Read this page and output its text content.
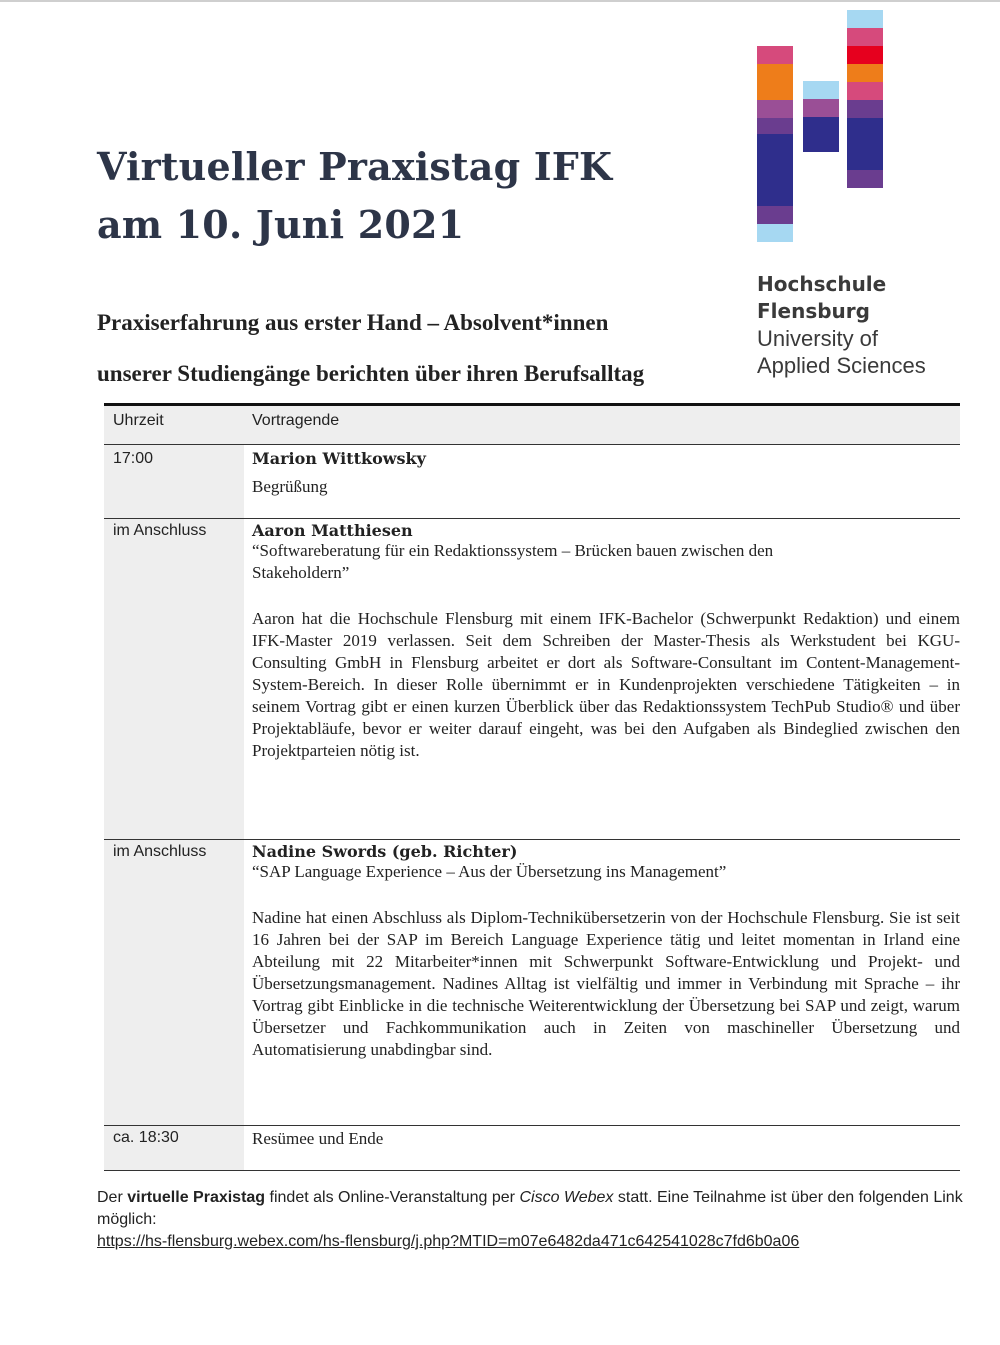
Virtueller Praxistag IFK
am 10. Juni 2021
Praxiserfahrung aus erster Hand – Absolvent*innen
unserer Studiengänge berichten über ihren Berufsalltag
Hochschule
Flensburg
University of
Applied Sciences
Uhrzeit	Vortragende
17:00	Marion Wittkowsky
Begrüßung
im Anschluss	Aaron Matthiesen
“Softwareberatung für ein Redaktionssystem – Brücken bauen zwischen den
Stakeholdern”
Aaron hat die Hochschule Flensburg mit einem IFK-Bachelor (Schwerpunkt Redaktion) und einem IFK-Master 2019 verlassen. Seit dem Schreiben der Master-Thesis als Werkstudent bei KGU-Consulting GmbH in Flensburg arbeitet er dort als Software-Consultant im Content-Management-System-Bereich. In dieser Rolle übernimmt er in Kundenprojekten verschiedene Tätigkeiten – in seinem Vortrag gibt er einen kurzen Überblick über das Redaktionssystem TechPub Studio® und über Projektabläufe, bevor er weiter darauf eingeht, was bei den Aufgaben als Bindeglied zwischen den Projektparteien nötig ist.
im Anschluss	Nadine Swords (geb. Richter)
“SAP Language Experience – Aus der Übersetzung ins Management”
Nadine hat einen Abschluss als Diplom-Technikübersetzerin von der Hochschule Flensburg. Sie ist seit 16 Jahren bei der SAP im Bereich Language Experience tätig und leitet momentan in Irland eine Abteilung mit 22 Mitarbeiter*innen mit Schwerpunkt Software-Entwicklung und Projekt- und Übersetzungsmanagement. Nadines Alltag ist vielfältig und immer in Verbindung mit Sprache – ihr Vortrag gibt Einblicke in die technische Weiterentwicklung der Übersetzung bei SAP und zeigt, warum Übersetzer und Fachkommunikation auch in Zeiten von maschineller Übersetzung und Automatisierung unabdingbar sind.
ca. 18:30	Resümee und Ende
Der virtuelle Praxistag findet als Online-Veranstaltung per Cisco Webex statt. Eine Teilnahme ist über den folgenden Link möglich:
https://hs-flensburg.webex.com/hs-flensburg/j.php?MTID=m07e6482da471c642541028c7fd6b0a06
